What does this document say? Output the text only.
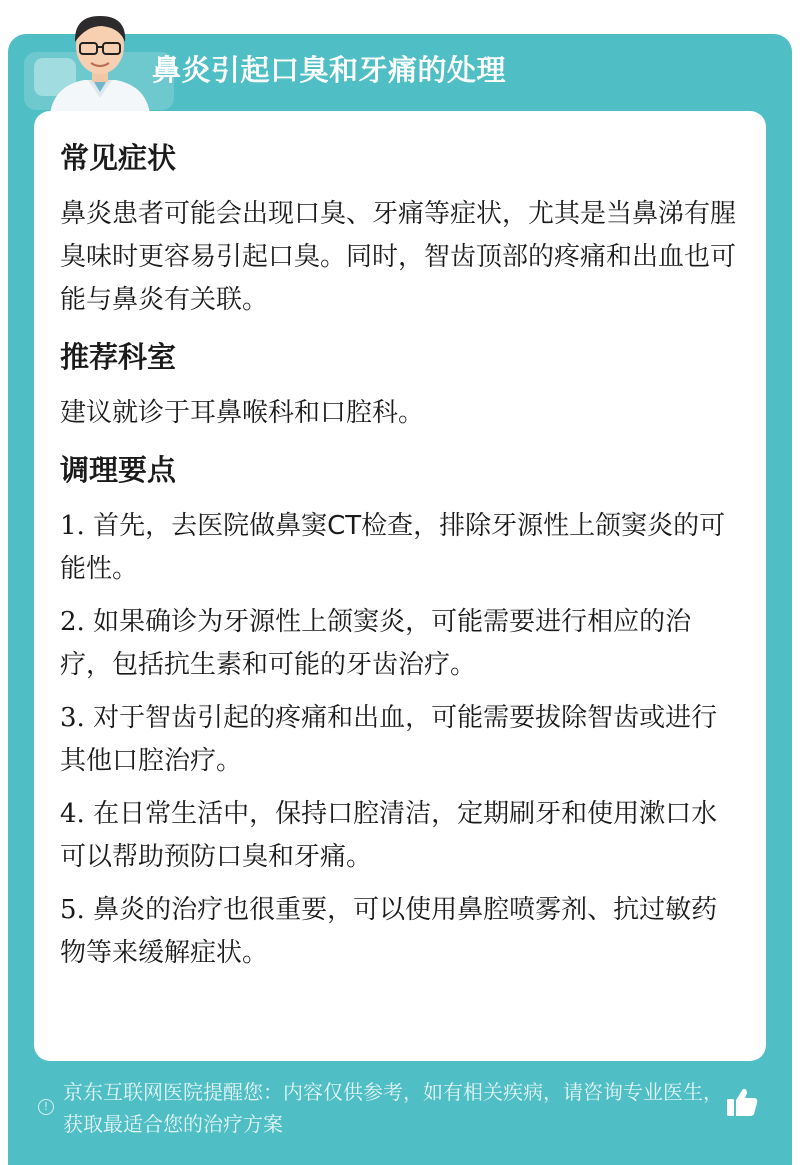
鼻炎引起口臭和牙痛的处理
常见症状
鼻炎患者可能会出现口臭、牙痛等症状，尤其是当鼻涕有腥臭味时更容易引起口臭。同时，智齿顶部的疼痛和出血也可能与鼻炎有关联。
推荐科室
建议就诊于耳鼻喉科和口腔科。
调理要点
1. 首先，去医院做鼻窦CT检查，排除牙源性上颌窦炎的可能性。
2. 如果确诊为牙源性上颌窦炎，可能需要进行相应的治疗，包括抗生素和可能的牙齿治疗。
3. 对于智齿引起的疼痛和出血，可能需要拔除智齿或进行其他口腔治疗。
4. 在日常生活中，保持口腔清洁，定期刷牙和使用漱口水可以帮助预防口臭和牙痛。
5. 鼻炎的治疗也很重要，可以使用鼻腔喷雾剂、抗过敏药物等来缓解症状。
!
京东互联网医院提醒您：内容仅供参考，如有相关疾病，请咨询专业医生，获取最适合您的治疗方案
